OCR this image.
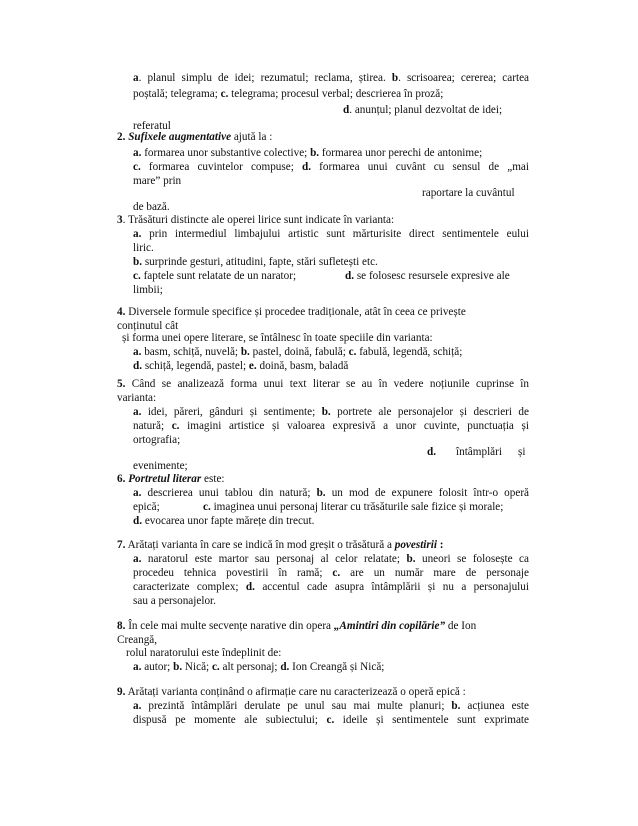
a. planul simplu de idei; rezumatul; reclama, știrea. b. scrisoarea; cererea; cartea
poștală; telegrama; c. telegrama; procesul verbal; descrierea în proză;
d. anunțul; planul dezvoltat de idei;
referatul
2. Sufixele augmentative ajută la :
a. formarea unor substantive colective; b. formarea unor perechi de antonime;
c. formarea cuvintelor compuse; d. formarea unui cuvânt cu sensul de „mai
mare” prin
raportare la cuvântul
de bază.
3. Trăsături distincte ale operei lirice sunt indicate în varianta:
a. prin intermediul limbajului artistic sunt mărturisite direct sentimentele eului
liric.
b. surprinde gesturi, atitudini, fapte, stări sufletești etc.
c. faptele sunt relatate de un narator;	d. se folosesc resursele expresive ale
limbii;
4. Diversele formule specifice și procedee tradiționale, atât în ceea ce privește
conținutul cât
și forma unei opere literare, se întâlnesc în toate speciile din varianta:
a. basm, schiță, nuvelă; b. pastel, doină, fabulă; c. fabulă, legendă, schiță;
d. schiță, legendă, pastel; e. doină, basm, baladă
5. Când se analizează forma unui text literar se au în vedere noțiunile cuprinse în
varianta:
a. idei, păreri, gânduri și sentimente; b. portrete ale personajelor și descrieri de
natură; c. imagini artistice și valoarea expresivă a unor cuvinte, punctuația și
ortografia;
d. întâmplări și
evenimente;
6. Portretul literar este:
a. descrierea unui tablou din natură; b. un mod de expunere folosit într-o operă
epică;	c. imaginea unui personaj literar cu trăsăturile sale fizice și morale;
d. evocarea unor fapte mărețe din trecut.
7. Arătați varianta în care se indică în mod greșit o trăsătură a povestirii :
a. naratorul este martor sau personaj al celor relatate; b. uneori se folosește ca
procedeu tehnica povestirii în ramă; c. are un număr mare de personaje
caracterizate complex; d. accentul cade asupra întâmplării și nu a personajului
sau a personajelor.
8. În cele mai multe secvențe narative din opera „Amintiri din copilărie” de Ion
Creangă,
rolul naratorului este îndeplinit de:
a. autor; b. Nică; c. alt personaj; d. Ion Creangă și Nică;
9. Arătați varianta conținând o afirmație care nu caracterizează o operă epică :
a. prezintă întâmplări derulate pe unul sau mai multe planuri; b. acțiunea este
dispusă pe momente ale subiectului; c. ideile și sentimentele sunt exprimate
